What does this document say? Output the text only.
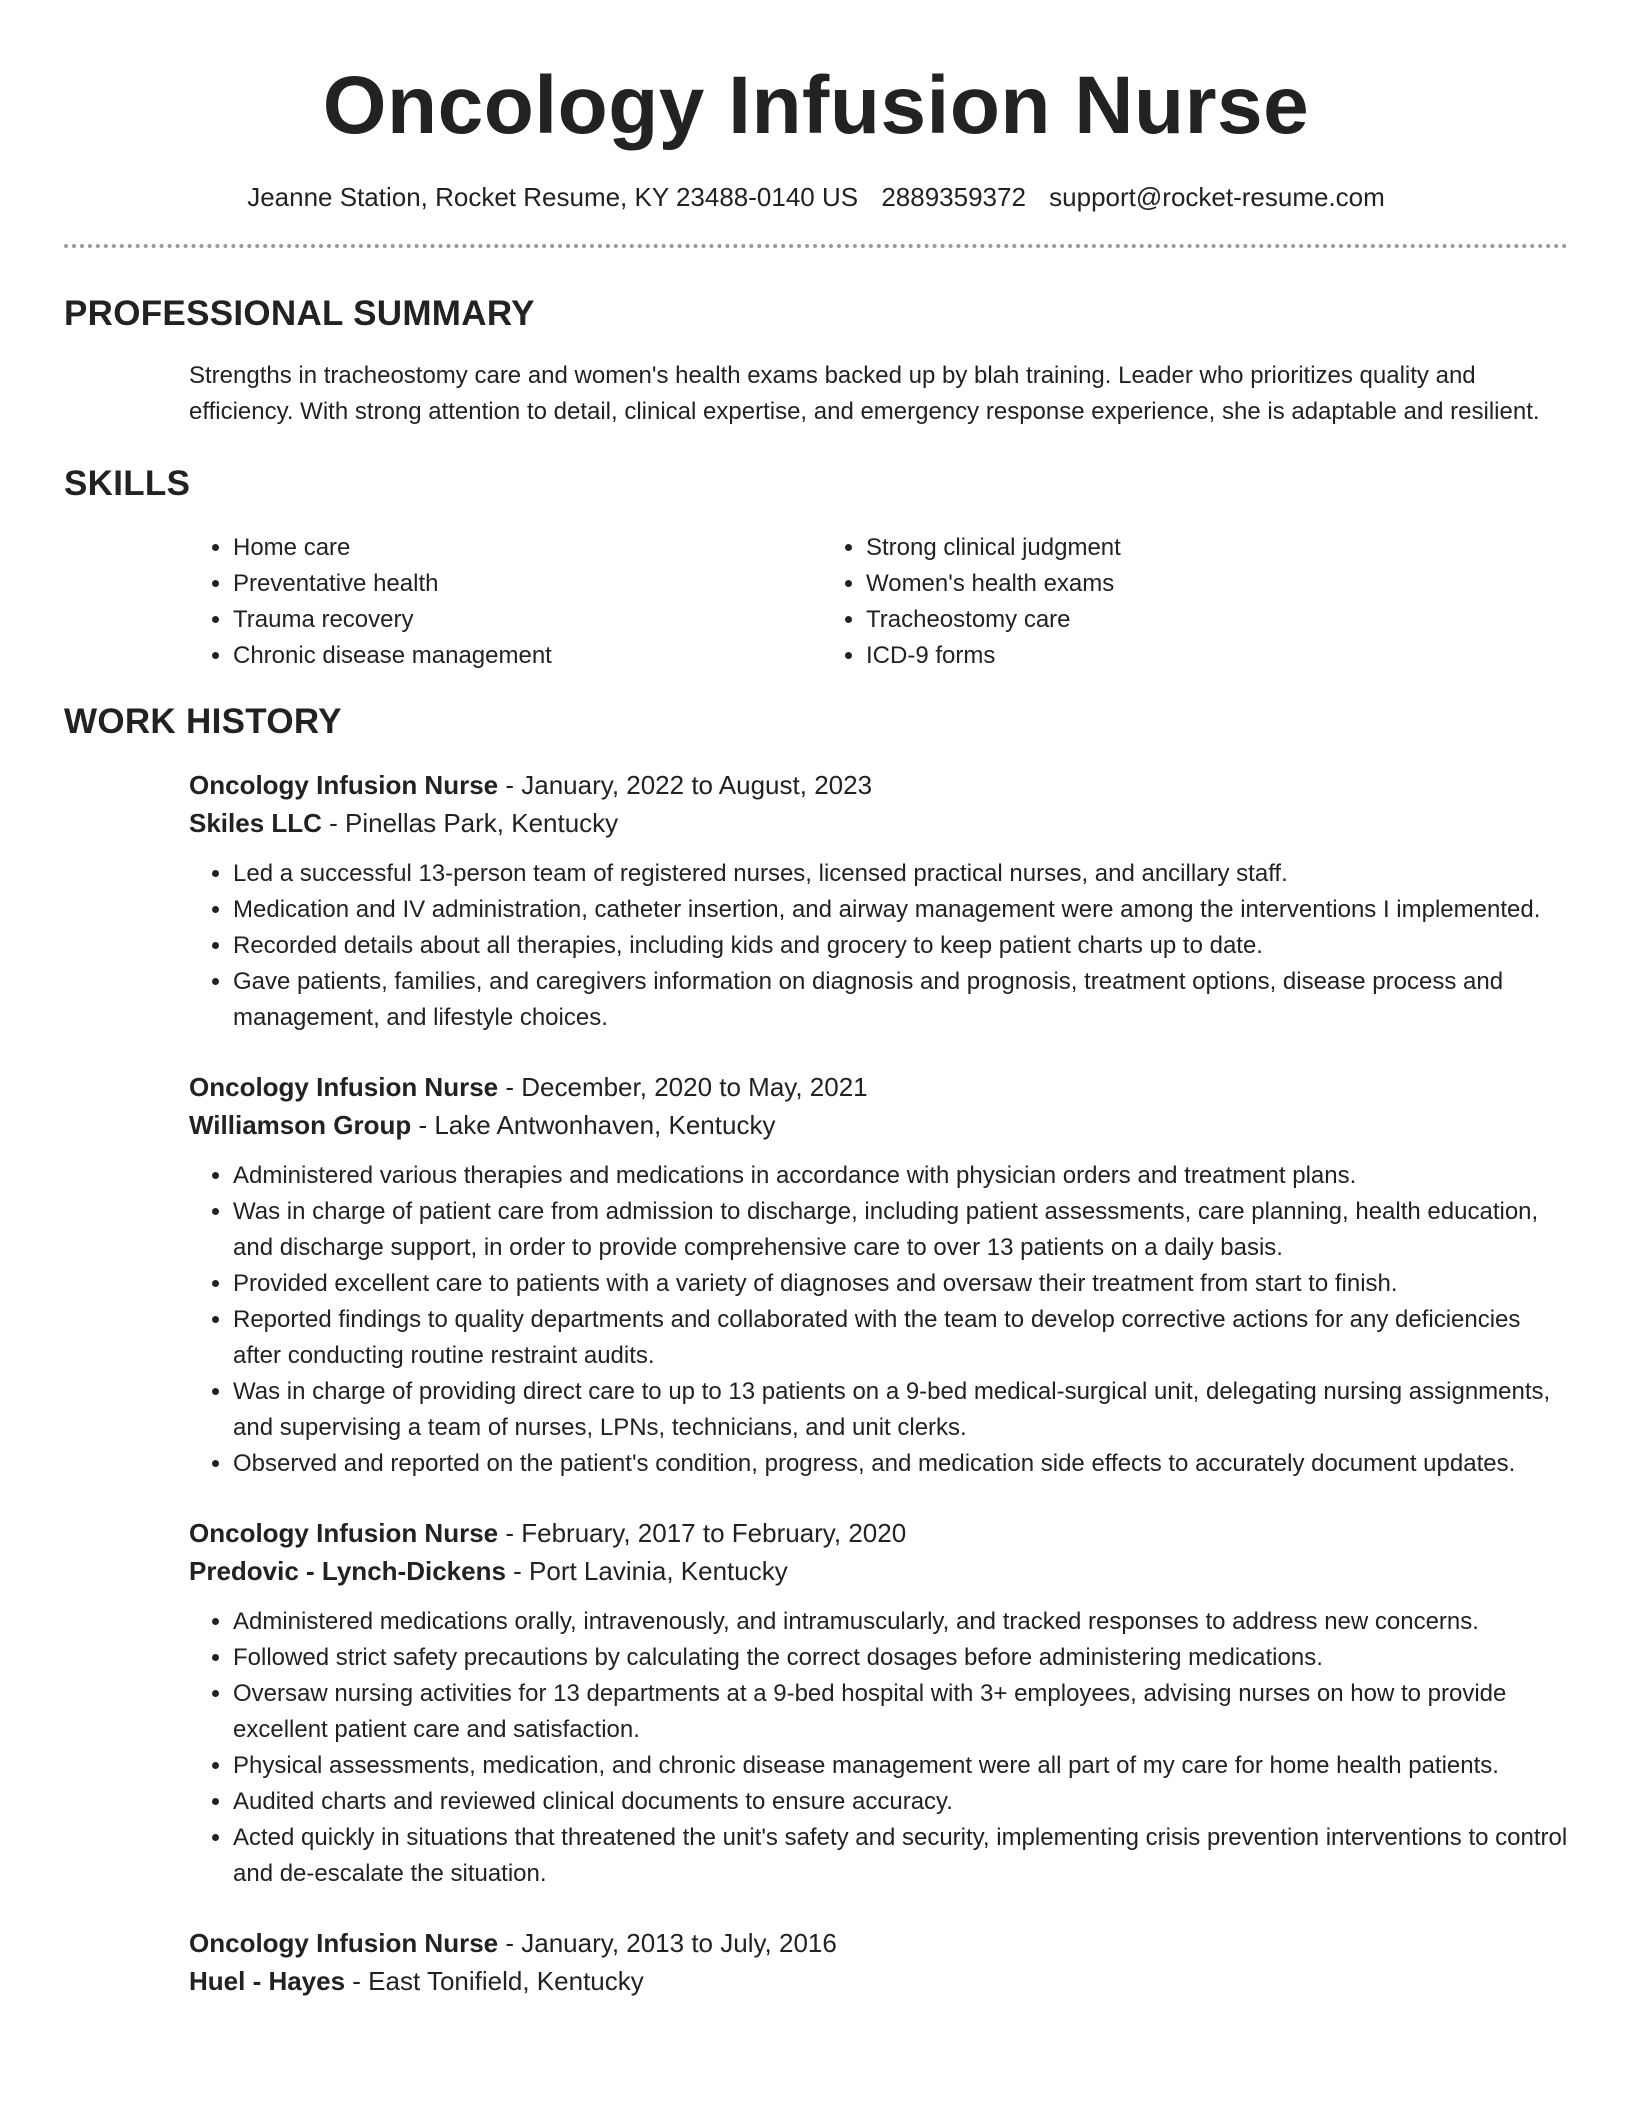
Oncology Infusion Nurse
Jeanne Station, Rocket Resume, KY 23488-0140 US 2889359372 support@rocket-resume.com
PROFESSIONAL SUMMARY

Strengths in tracheostomy care and women's health exams backed up by blah training. Leader who prioritizes quality and efficiency. With strong attention to detail, clinical expertise, and emergency response experience, she is adaptable and resilient.

SKILLS
• Home care
• Preventative health
• Trauma recovery
• Chronic disease management
• Strong clinical judgment
• Women's health exams
• Tracheostomy care
• ICD-9 forms
WORK HISTORY
Oncology Infusion Nurse - January, 2022 to August, 2023
Skiles LLC - Pinellas Park, Kentucky
• Led a successful 13-person team of registered nurses, licensed practical nurses, and ancillary staff.
• Medication and IV administration, catheter insertion, and airway management were among the interventions I implemented.
• Recorded details about all therapies, including kids and grocery to keep patient charts up to date.
• Gave patients, families, and caregivers information on diagnosis and prognosis, treatment options, disease process and management, and lifestyle choices.
Oncology Infusion Nurse - December, 2020 to May, 2021
Williamson Group - Lake Antwonhaven, Kentucky
• Administered various therapies and medications in accordance with physician orders and treatment plans.
• Was in charge of patient care from admission to discharge, including patient assessments, care planning, health education, and discharge support, in order to provide comprehensive care to over 13 patients on a daily basis.
• Provided excellent care to patients with a variety of diagnoses and oversaw their treatment from start to finish.
• Reported findings to quality departments and collaborated with the team to develop corrective actions for any deficiencies after conducting routine restraint audits.
• Was in charge of providing direct care to up to 13 patients on a 9-bed medical-surgical unit, delegating nursing assignments, and supervising a team of nurses, LPNs, technicians, and unit clerks.
• Observed and reported on the patient's condition, progress, and medication side effects to accurately document updates.
Oncology Infusion Nurse - February, 2017 to February, 2020
Predovic - Lynch-Dickens - Port Lavinia, Kentucky
• Administered medications orally, intravenously, and intramuscularly, and tracked responses to address new concerns.
• Followed strict safety precautions by calculating the correct dosages before administering medications.
• Oversaw nursing activities for 13 departments at a 9-bed hospital with 3+ employees, advising nurses on how to provide excellent patient care and satisfaction.
• Physical assessments, medication, and chronic disease management were all part of my care for home health patients.
• Audited charts and reviewed clinical documents to ensure accuracy.
• Acted quickly in situations that threatened the unit's safety and security, implementing crisis prevention interventions to control and de-escalate the situation.
Oncology Infusion Nurse - January, 2013 to July, 2016
Huel - Hayes - East Tonifield, Kentucky
